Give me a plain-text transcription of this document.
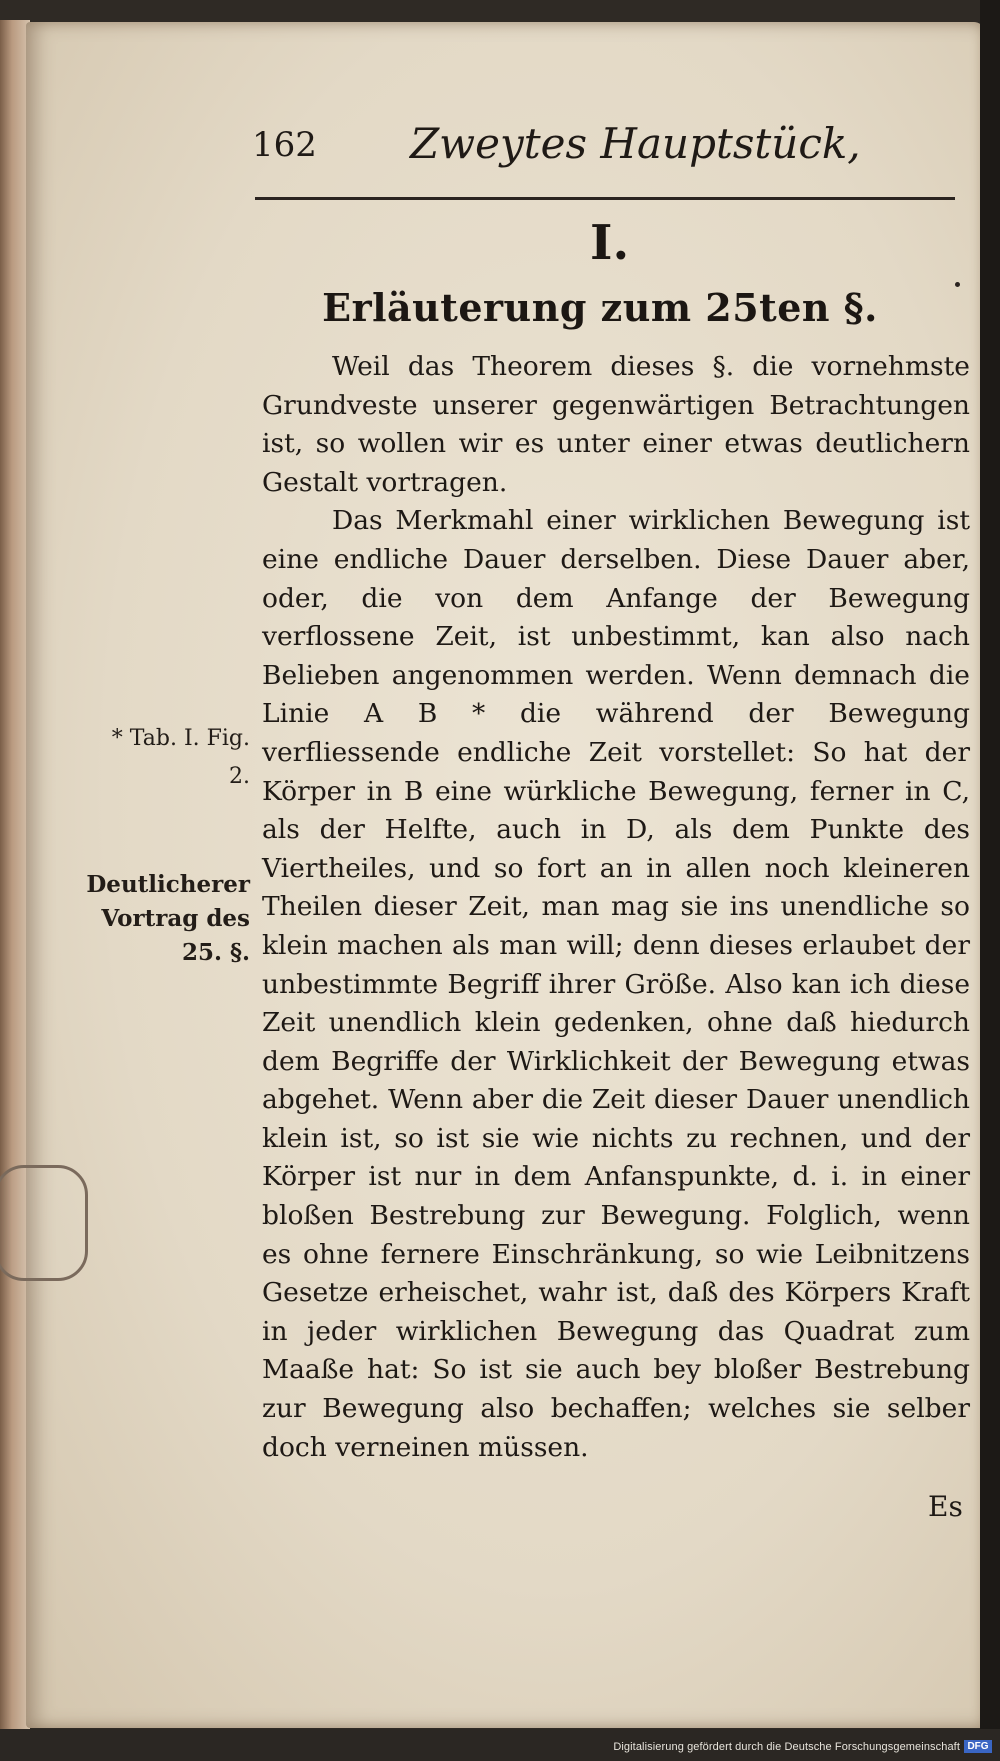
162 Zweytes Hauptstück,
I.
Erläuterung zum 25ten §.

Weil das Theorem dieses §. die vornehmste Grundveste unserer gegenwärtigen Betrachtungen ist, so wollen wir es unter einer etwas deutlichern Gestalt vortragen.

Das Merkmahl einer wirklichen Bewegung ist eine endliche Dauer derselben. Diese Dauer aber, oder, die von dem Anfange der Bewegung verflossene Zeit, ist unbestimmt, kan also nach Belieben angenommen werden. Wenn demnach die Linie A B * die während der Bewegung verfliessende endliche Zeit vorstellet: So hat der Körper in B eine würkliche Bewegung, ferner in C, als der Helfte, auch in D, als dem Punkte des Viertheiles, und so fort an in allen noch kleineren Theilen dieser Zeit, man mag sie ins unendliche so klein machen als man will; denn dieses erlaubet der unbestimmte Begriff ihrer Größe. Also kan ich diese Zeit unendlich klein gedenken, ohne daß hiedurch dem Begriffe der Wirklichkeit der Bewegung etwas abgehet. Wenn aber die Zeit dieser Dauer unendlich klein ist, so ist sie wie nichts zu rechnen, und der Körper ist nur in dem Anfanspunkte, d. i. in einer bloßen Bestrebung zur Bewegung. Folglich, wenn es ohne fernere Einschränkung, so wie Leibnitzens Gesetze erheischet, wahr ist, daß des Körpers Kraft in jeder wirklichen Bewegung das Quadrat zum Maaße hat: So ist sie auch bey bloßer Bestrebung zur Bewegung also bechaffen; welches sie selber doch verneinen müssen.

* Tab. I. Fig. 2.
Deutlicherer Vortrag des 25. §.
Es
Digitalisierung gefördert durch die Deutsche Forschungsgemeinschaft DFG
